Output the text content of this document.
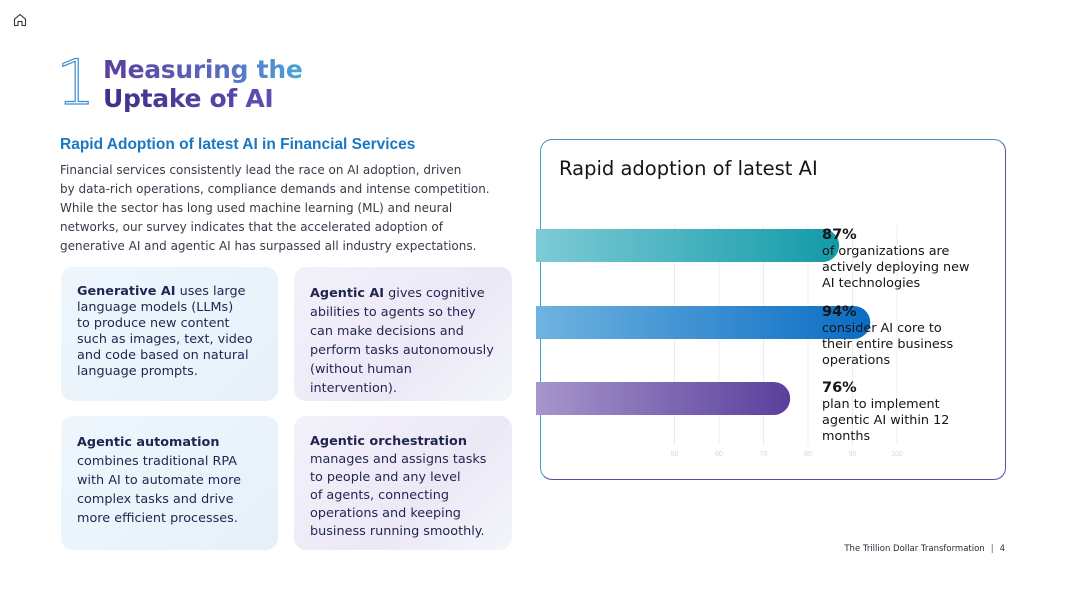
1 Measuring the
Uptake of AI
Rapid Adoption of latest AI in Financial Services
Financial services consistently lead the race on AI adoption, driven
by data-rich operations, compliance demands and intense competition.
While the sector has long used machine learning (ML) and neural
networks, our survey indicates that the accelerated adoption of
generative AI and agentic AI has surpassed all industry expectations.
Generative AI uses large
language models (LLMs)
to produce new content
such as images, text, video
and code based on natural
language prompts.
Agentic AI gives cognitive
abilities to agents so they
can make decisions and
perform tasks autonomously
(without human intervention).
Agentic automation
combines traditional RPA
with AI to automate more
complex tasks and drive
more efficient processes.
Agentic orchestration
manages and assigns tasks
to people and any level
of agents, connecting
operations and keeping
business running smoothly.
Rapid adoption of latest AI
50	60	70	80	90	100
87%
of organizations are
actively deploying new
AI technologies
94%
consider AI core to
their entire business
operations
76%
plan to implement
agentic AI within 12
months
The Trillion Dollar Transformation | 4
